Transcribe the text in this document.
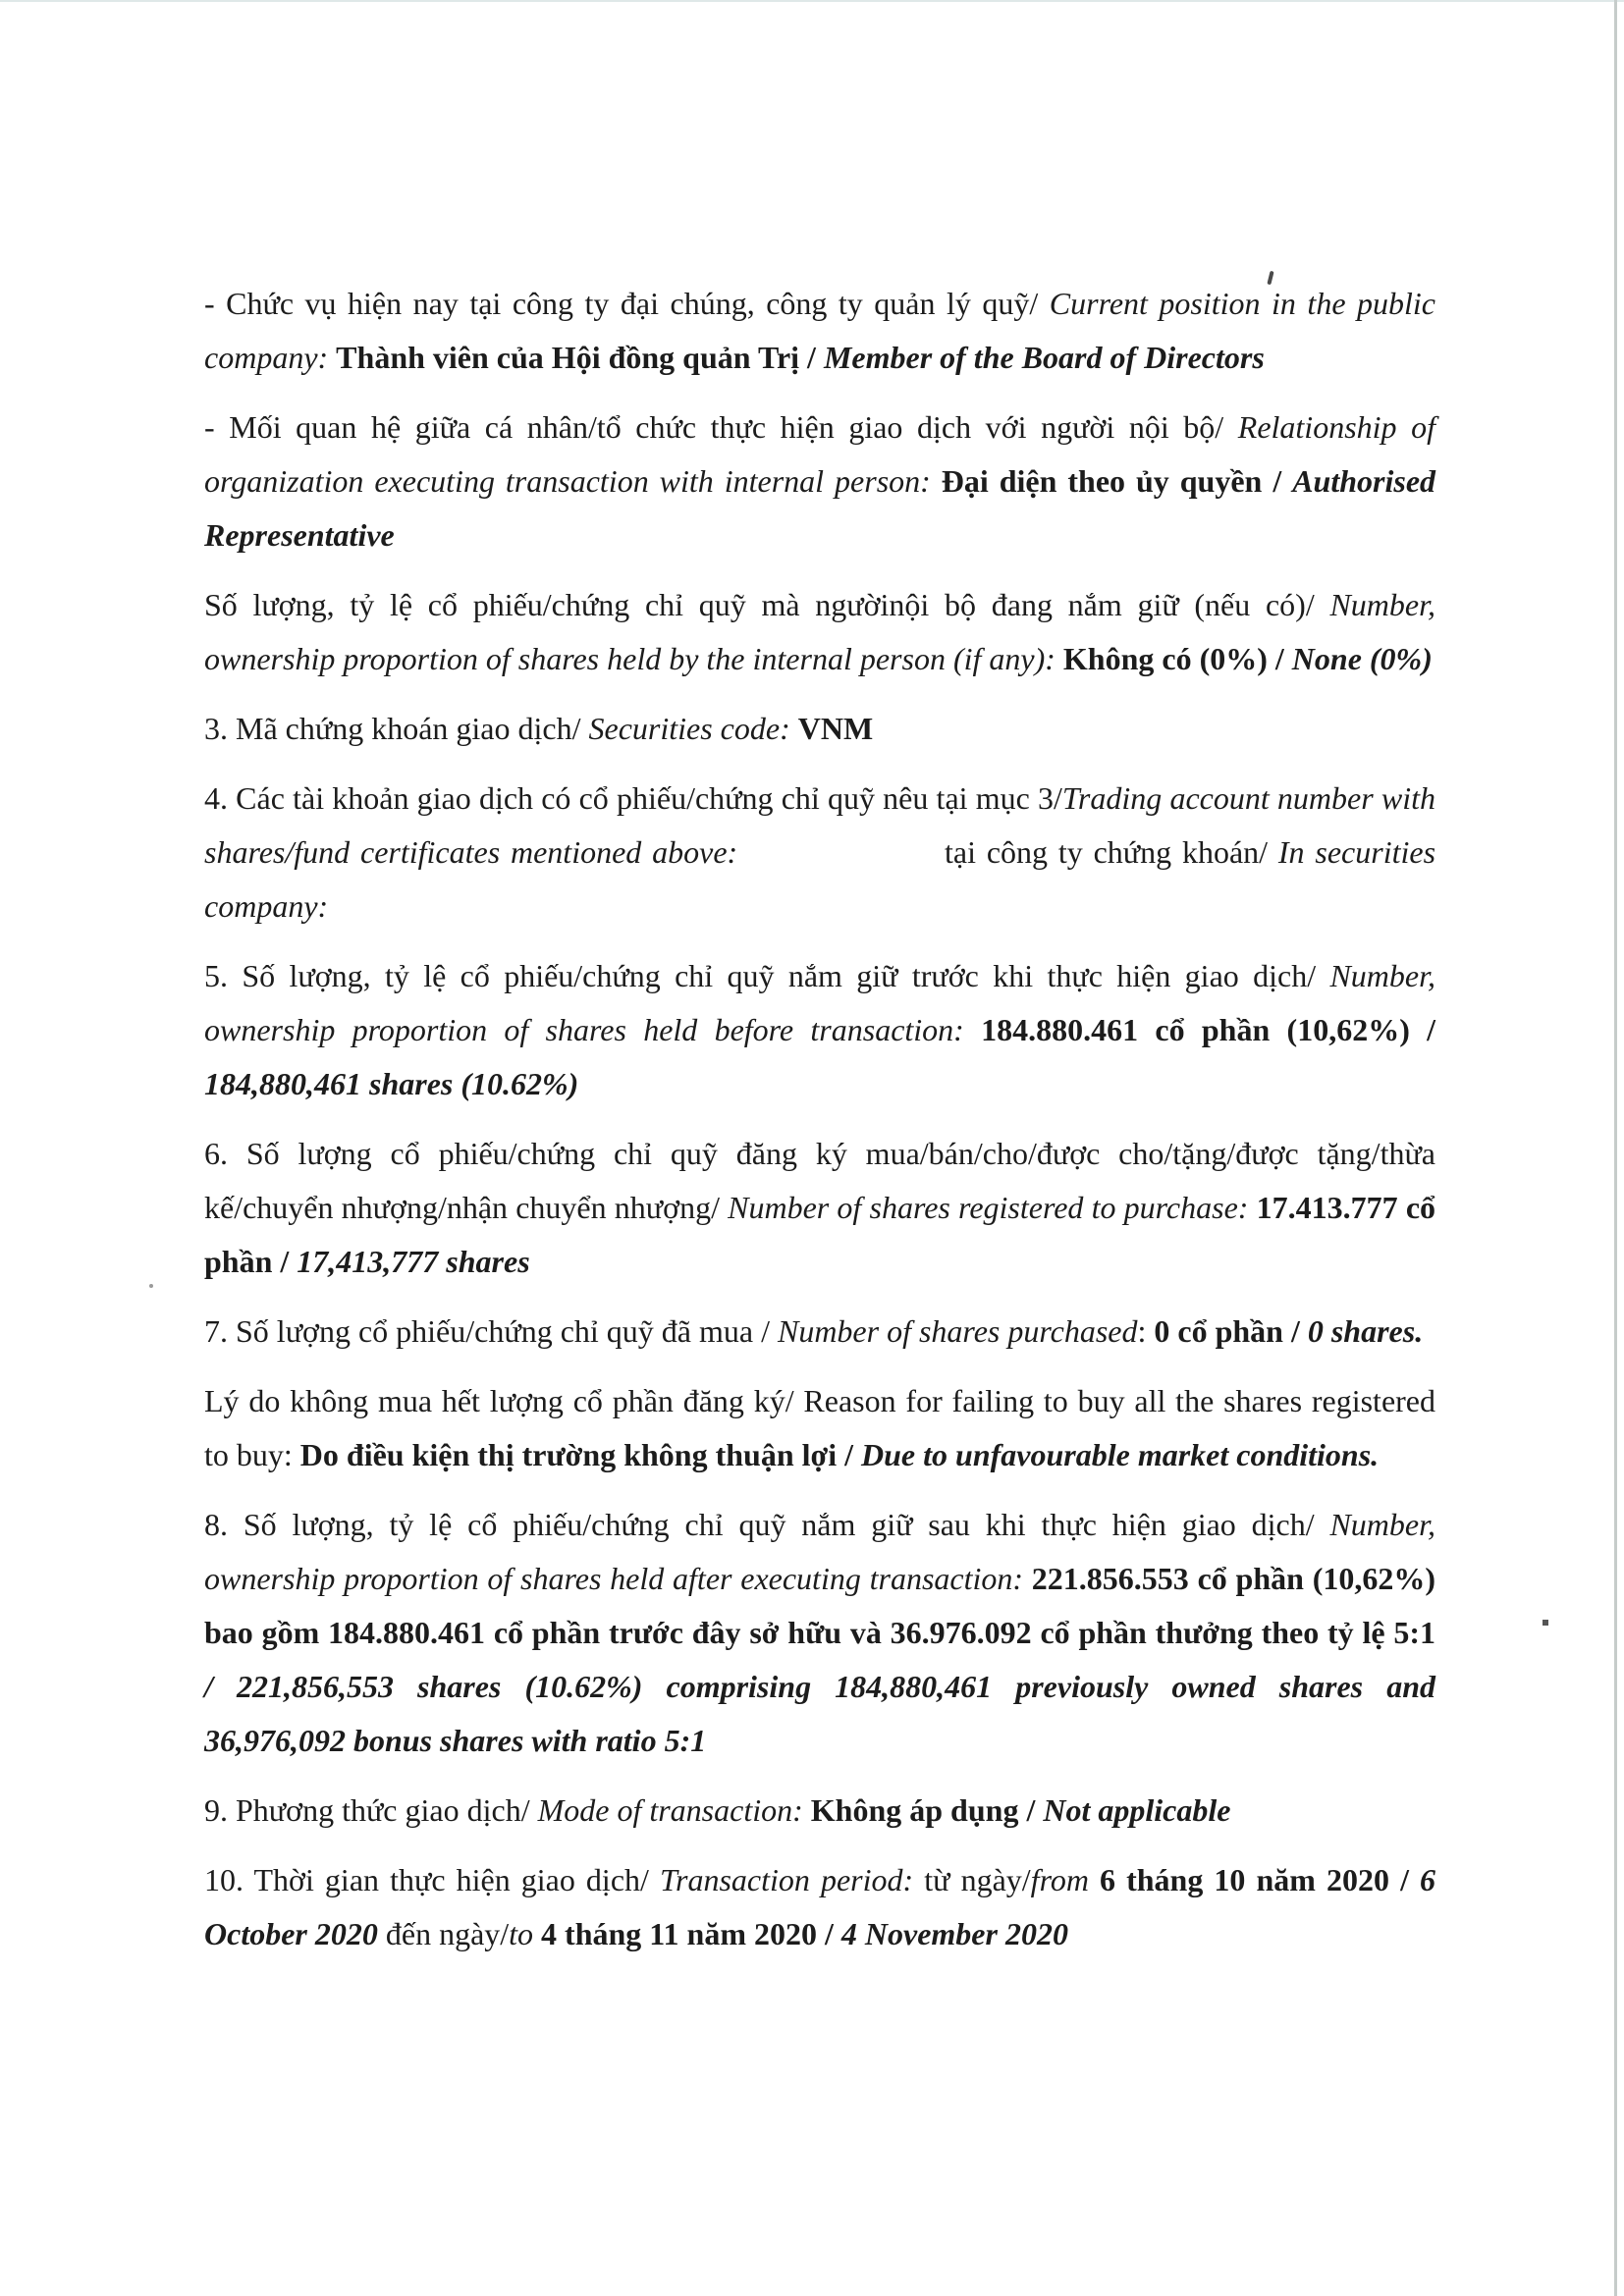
- Chức vụ hiện nay tại công ty đại chúng, công ty quản lý quỹ/ Current position in the public company: Thành viên của Hội đồng quản Trị / Member of the Board of Directors

- Mối quan hệ giữa cá nhân/tổ chức thực hiện giao dịch với người nội bộ/ Relationship of organization executing transaction with internal person: Đại diện theo ủy quyền / Authorised Representative

Số lượng, tỷ lệ cổ phiếu/chứng chỉ quỹ mà ngườinội bộ đang nắm giữ (nếu có)/ Number, ownership proportion of shares held by the internal person (if any): Không có (0%) / None (0%)

3. Mã chứng khoán giao dịch/ Securities code: VNM

4. Các tài khoản giao dịch có cổ phiếu/chứng chỉ quỹ nêu tại mục 3/Trading account number with shares/fund certificates mentioned above:	tại công ty chứng khoán/ In securities company:

5. Số lượng, tỷ lệ cổ phiếu/chứng chỉ quỹ nắm giữ trước khi thực hiện giao dịch/ Number, ownership proportion of shares held before transaction: 184.880.461 cổ phần (10,62%) / 184,880,461 shares (10.62%)

6. Số lượng cổ phiếu/chứng chỉ quỹ đăng ký mua/bán/cho/được cho/tặng/được tặng/thừa kế/chuyển nhượng/nhận chuyển nhượng/ Number of shares registered to purchase: 17.413.777 cổ phần / 17,413,777 shares

7. Số lượng cổ phiếu/chứng chỉ quỹ đã mua / Number of shares purchased: 0 cổ phần / 0 shares.

Lý do không mua hết lượng cổ phần đăng ký/ Reason for failing to buy all the shares registered to buy: Do điều kiện thị trường không thuận lợi / Due to unfavourable market conditions.

8. Số lượng, tỷ lệ cổ phiếu/chứng chỉ quỹ nắm giữ sau khi thực hiện giao dịch/ Number, ownership proportion of shares held after executing transaction: 221.856.553 cổ phần (10,62%) bao gồm 184.880.461 cổ phần trước đây sở hữu và 36.976.092 cổ phần thưởng theo tỷ lệ 5:1 / 221,856,553 shares (10.62%) comprising 184,880,461 previously owned shares and 36,976,092 bonus shares with ratio 5:1

9. Phương thức giao dịch/ Mode of transaction: Không áp dụng / Not applicable

10. Thời gian thực hiện giao dịch/ Transaction period: từ ngày/from 6 tháng 10 năm 2020 / 6 October 2020 đến ngày/to 4 tháng 11 năm 2020 / 4 November 2020
